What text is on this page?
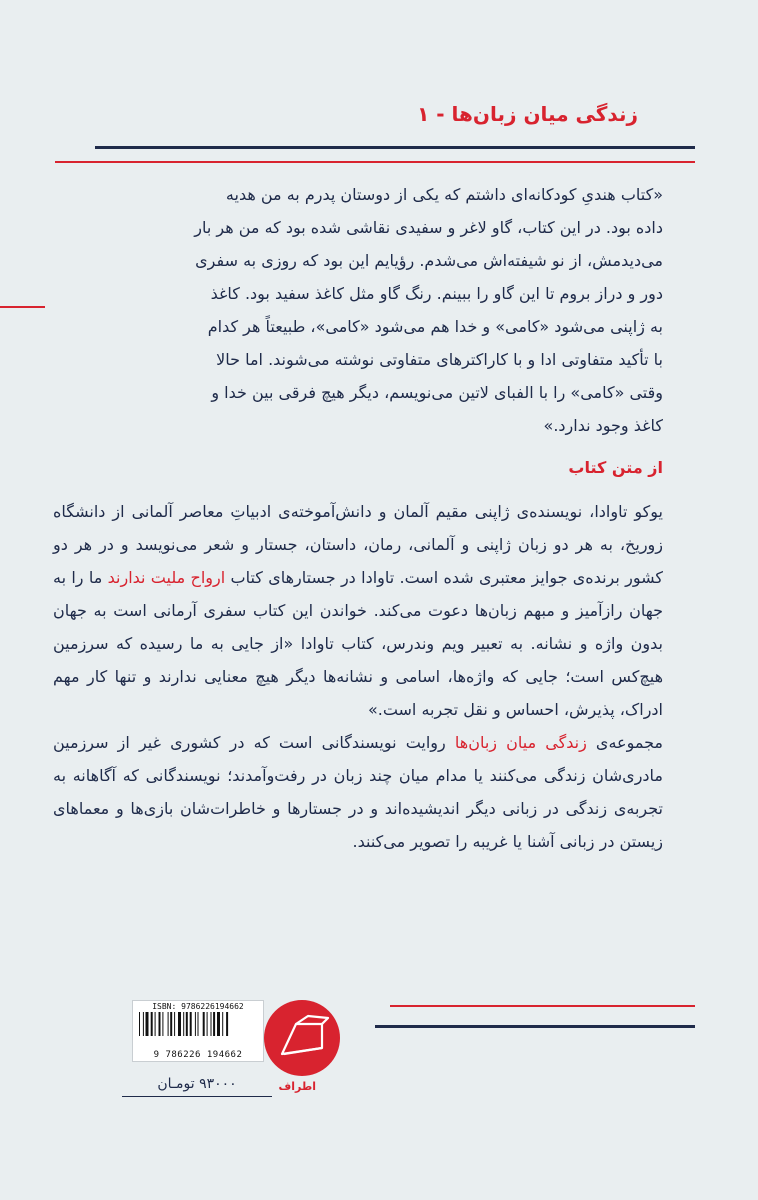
زندگی میان زبان‌ها - ۱

«کتاب هندیِ کودکانه‌ای داشتم که یکی از دوستان پدرم به من هدیه

داده بود. در این کتاب، گاو لاغر و سفیدی نقاشی شده بود که من هر بار

می‌دیدمش، از نو شیفته‌اش می‌شدم. رؤیایم این بود که روزی به سفری

دور و دراز بروم تا این گاو را ببینم. رنگ گاو مثل کاغذ سفید بود. کاغذ

به ژاپنی می‌شود «کامی» و خدا هم می‌شود «کامی»، طبیعتاً هر کدام

با تأکید متفاوتی ادا و با کاراکترهای متفاوتی نوشته می‌شوند. اما حالا

وقتی «کامی» را با الفبای لاتین می‌نویسم، دیگر هیچ فرقی بین خدا و

کاغذ وجود ندارد.»

از متن کتاب

یوکو تاوادا، نویسنده‌ی ژاپنی مقیم آلمان و دانش‌آموخته‌ی ادبیاتِ معاصر آلمانی از دانشگاه زوریخ، به هر دو زبان ژاپنی و آلمانی، رمان، داستان، جستار و شعر می‌نویسد و در هر دو کشور برنده‌ی جوایز معتبری شده است. تاوادا در جستارهای کتاب ارواح ملیت ندارند ما را به جهان رازآمیز و مبهم زبان‌ها دعوت می‌کند. خواندن این کتاب سفری آرمانی است به جهان بدون واژه و نشانه. به تعبیر ویم وندرس، کتاب تاوادا «از جایی به ما رسیده که سرزمین هیچ‌کس است؛ جایی که واژه‌ها، اسامی و نشانه‌ها دیگر هیچ معنایی ندارند و تنها کار مهم ادراک، پذیرش، احساس و نقل تجربه است.»

مجموعه‌ی زندگی میان زبان‌ها روایت نویسندگانی است که در کشوری غیر از سرزمین مادری‌شان زندگی می‌کنند یا مدام میان چند زبان در رفت‌وآمدند؛ نویسندگانی که آگاهانه به تجربه‌ی زندگی در زبانی دیگر اندیشیده‌اند و در جستارها و خاطرات‌شان بازی‌ها و معماهای زیستن در زبانی آشنا یا غریبه را تصویر می‌کنند.

ISBN: 9786226194662
9 786226 194662
۹۳۰۰۰ تومـان	اطراف
